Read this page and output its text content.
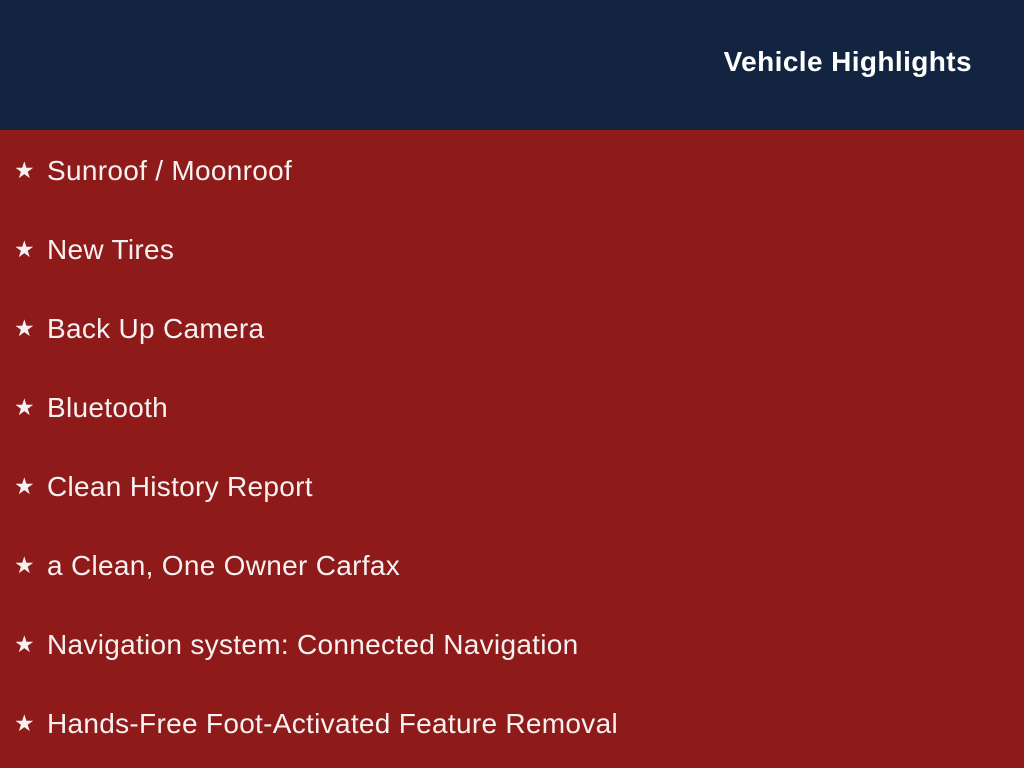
Vehicle Highlights
★ Sunroof / Moonroof
★ New Tires
★ Back Up Camera
★ Bluetooth
★ Clean History Report
★ a Clean, One Owner Carfax
★ Navigation system: Connected Navigation
★ Hands-Free Foot-Activated Feature Removal
